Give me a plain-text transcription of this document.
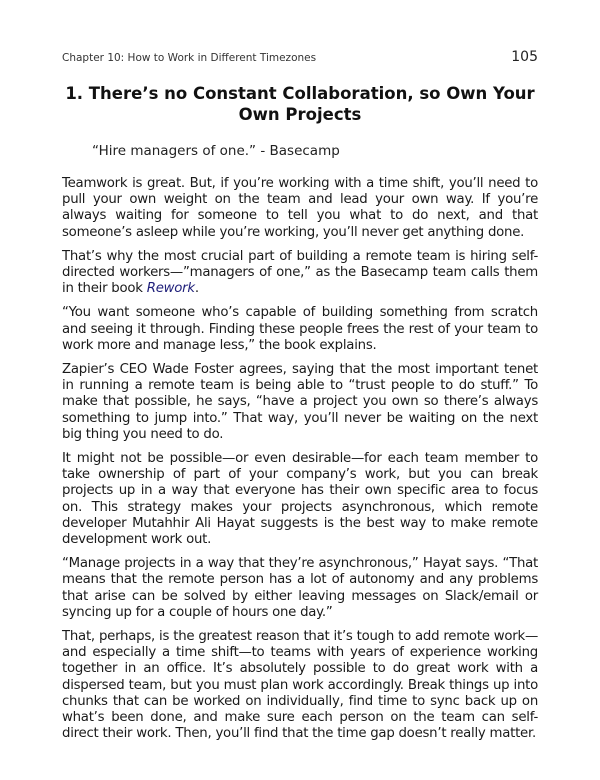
Chapter 10: How to Work in Different Timezones	105
1. There’s no Constant Collaboration, so Own Your Own Projects

“Hire managers of one.” - Basecamp

Teamwork is great. But, if you’re working with a time shift, you’ll need to pull your own weight on the team and lead your own way. If you’re always waiting for someone to tell you what to do next, and that someone’s asleep while you’re working, you’ll never get anything done.

That’s why the most crucial part of building a remote team is hiring self-directed workers—”managers of one,” as the Basecamp team calls them in their book Rework.

“You want someone who’s capable of building something from scratch and seeing it through. Finding these people frees the rest of your team to work more and manage less,” the book explains.

Zapier’s CEO Wade Foster agrees, saying that the most important tenet in running a remote team is being able to “trust people to do stuff.” To make that possible, he says, “have a project you own so there’s always something to jump into.” That way, you’ll never be waiting on the next big thing you need to do.

It might not be possible—or even desirable—for each team member to take ownership of part of your company’s work, but you can break projects up in a way that everyone has their own specific area to focus on. This strategy makes your projects asynchronous, which remote developer Mutahhir Ali Hayat suggests is the best way to make remote development work out.

“Manage projects in a way that they’re asynchronous,” Hayat says. “That means that the remote person has a lot of autonomy and any problems that arise can be solved by either leaving messages on Slack/email or syncing up for a couple of hours one day.”

That, perhaps, is the greatest reason that it’s tough to add remote work—and especially a time shift—to teams with years of experience working together in an office. It’s absolutely possible to do great work with a dispersed team, but you must plan work accordingly. Break things up into chunks that can be worked on individually, find time to sync back up on what’s been done, and make sure each person on the team can self-direct their work. Then, you’ll find that the time gap doesn’t really matter.
